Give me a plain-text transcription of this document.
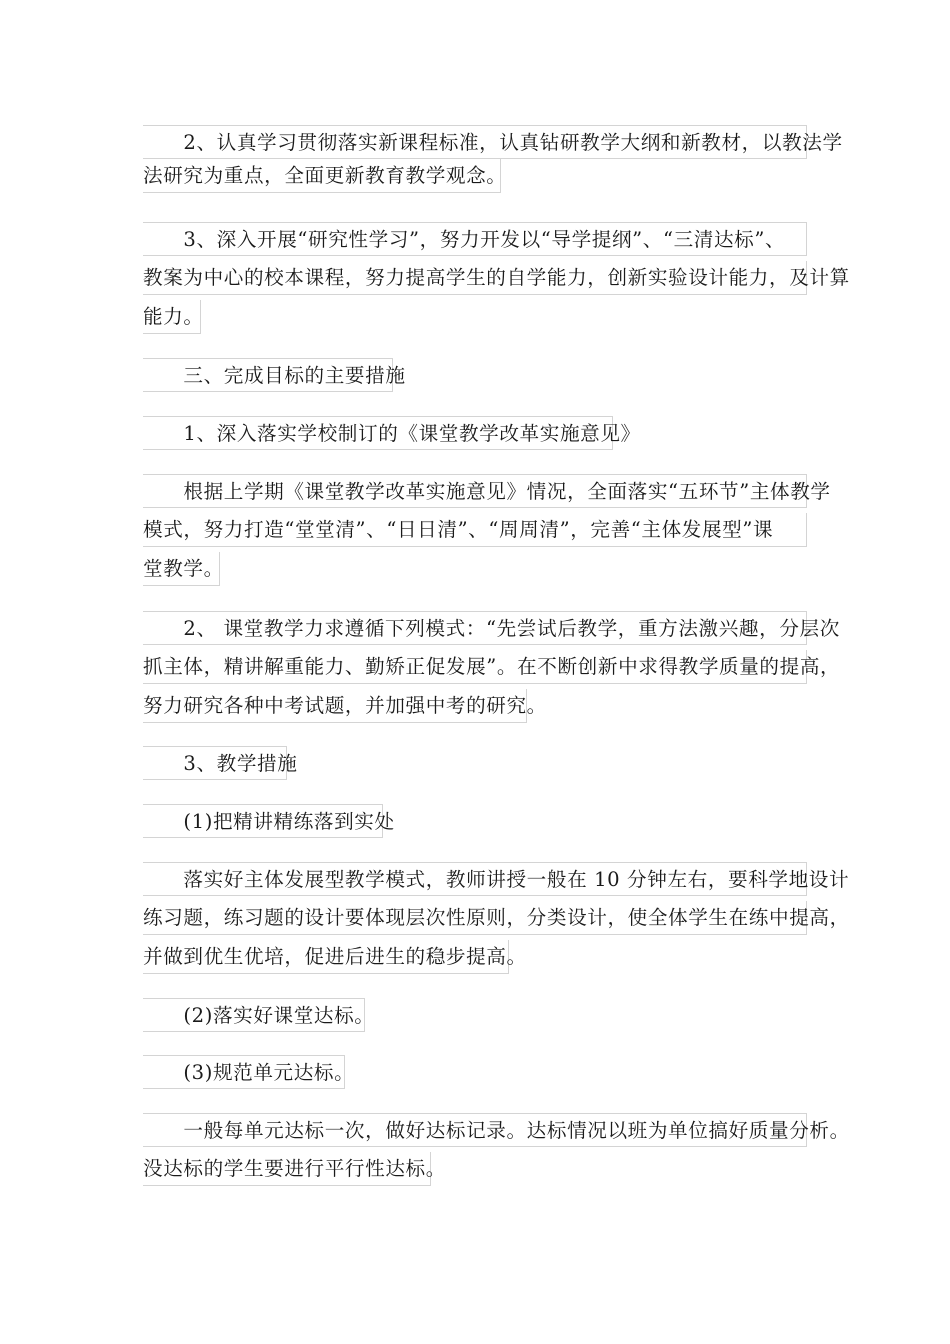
　　2、认真学习贯彻落实新课程标准，认真钻研教学大纲和新教材，以教法学
法研究为重点，全面更新教育教学观念。
　　3、深入开展“研究性学习”，努力开发以“导学提纲”、“三清达标”、
教案为中心的校本课程，努力提高学生的自学能力，创新实验设计能力，及计算
能力。
　　三、完成目标的主要措施
　　1、深入落实学校制订的《课堂教学改革实施意见》
　　根据上学期《课堂教学改革实施意见》情况，全面落实“五环节”主体教学
模式，努力打造“堂堂清”、“日日清”、“周周清”，完善“主体发展型”课
堂教学。
　　2、 课堂教学力求遵循下列模式：“先尝试后教学，重方法激兴趣，分层次
抓主体，精讲解重能力、勤矫正促发展”。在不断创新中求得教学质量的提高，
努力研究各种中考试题，并加强中考的研究。
　　3、教学措施
　　(1)把精讲精练落到实处
　　落实好主体发展型教学模式，教师讲授一般在 10 分钟左右，要科学地设计
练习题，练习题的设计要体现层次性原则，分类设计，使全体学生在练中提高，
并做到优生优培，促进后进生的稳步提高。
　　(2)落实好课堂达标。
　　(3)规范单元达标。
　　一般每单元达标一次，做好达标记录。达标情况以班为单位搞好质量分析。
没达标的学生要进行平行性达标。
